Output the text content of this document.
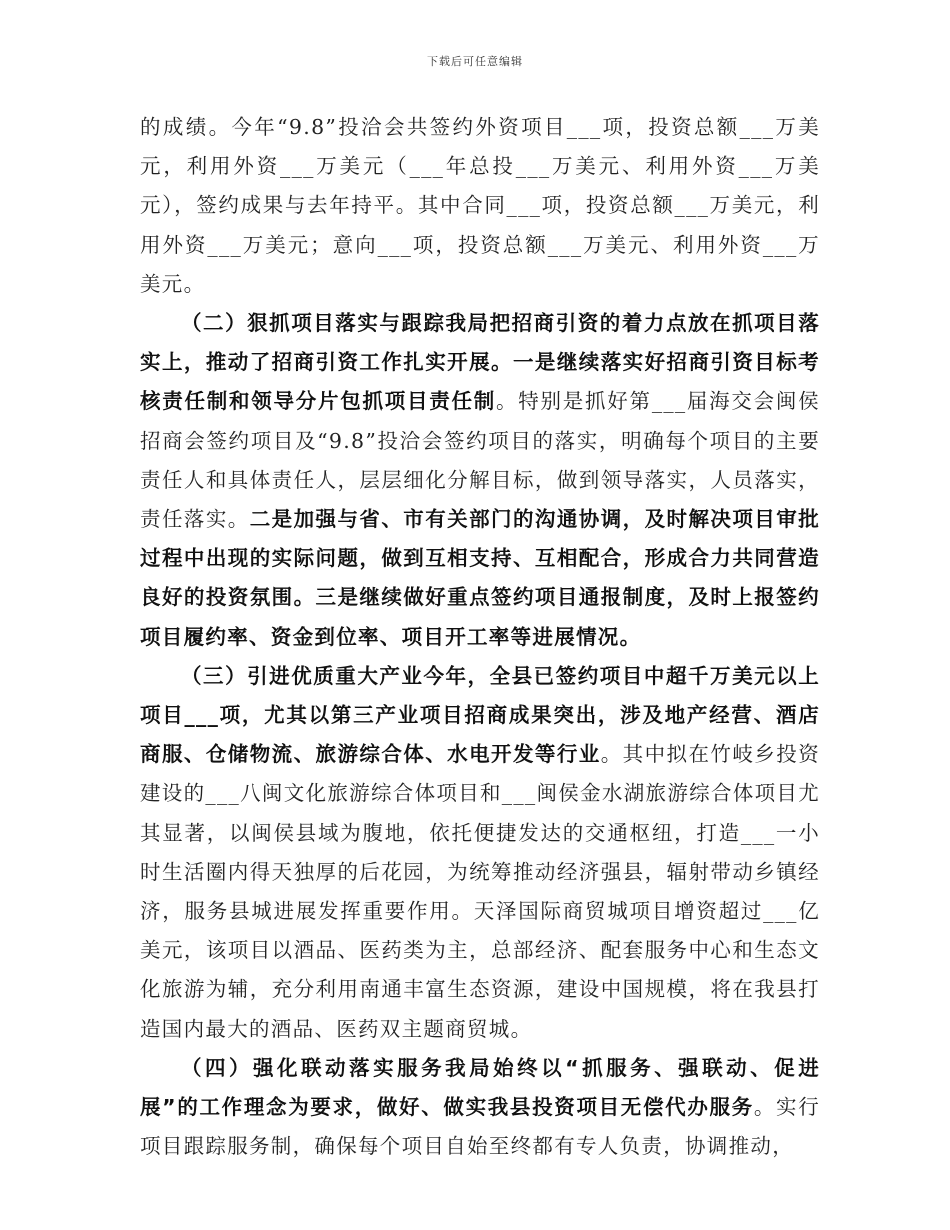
下载后可任意编辑

的成绩。今年“9.8”投洽会共签约外资项目___项，投资总额___万美元，利用外资___万美元（___年总投___万美元、利用外资___万美元），签约成果与去年持平。其中合同___项，投资总额___万美元，利用外资___万美元；意向___项，投资总额___万美元、利用外资___万美元。

（二）狠抓项目落实与跟踪我局把招商引资的着力点放在抓项目落实上，推动了招商引资工作扎实开展。一是继续落实好招商引资目标考核责任制和领导分片包抓项目责任制。特别是抓好第___届海交会闽侯招商会签约项目及“9.8”投洽会签约项目的落实，明确每个项目的主要责任人和具体责任人，层层细化分解目标，做到领导落实，人员落实，责任落实。二是加强与省、市有关部门的沟通协调，及时解决项目审批过程中出现的实际问题，做到互相支持、互相配合，形成合力共同营造良好的投资氛围。三是继续做好重点签约项目通报制度，及时上报签约项目履约率、资金到位率、项目开工率等进展情况。

（三）引进优质重大产业今年，全县已签约项目中超千万美元以上项目___项，尤其以第三产业项目招商成果突出，涉及地产经营、酒店商服、仓储物流、旅游综合体、水电开发等行业。其中拟在竹岐乡投资建设的___八闽文化旅游综合体项目和___闽侯金水湖旅游综合体项目尤其显著，以闽侯县域为腹地，依托便捷发达的交通枢纽，打造___一小时生活圈内得天独厚的后花园，为统筹推动经济强县，辐射带动乡镇经济，服务县城进展发挥重要作用。天泽国际商贸城项目增资超过___亿美元，该项目以酒品、医药类为主，总部经济、配套服务中心和生态文化旅游为辅，充分利用南通丰富生态资源，建设中国规模，将在我县打造国内最大的酒品、医药双主题商贸城。

（四）强化联动落实服务我局始终以“抓服务、强联动、促进展”的工作理念为要求，做好、做实我县投资项目无偿代办服务。实行项目跟踪服务制，确保每个项目自始至终都有专人负责，协调推动，
